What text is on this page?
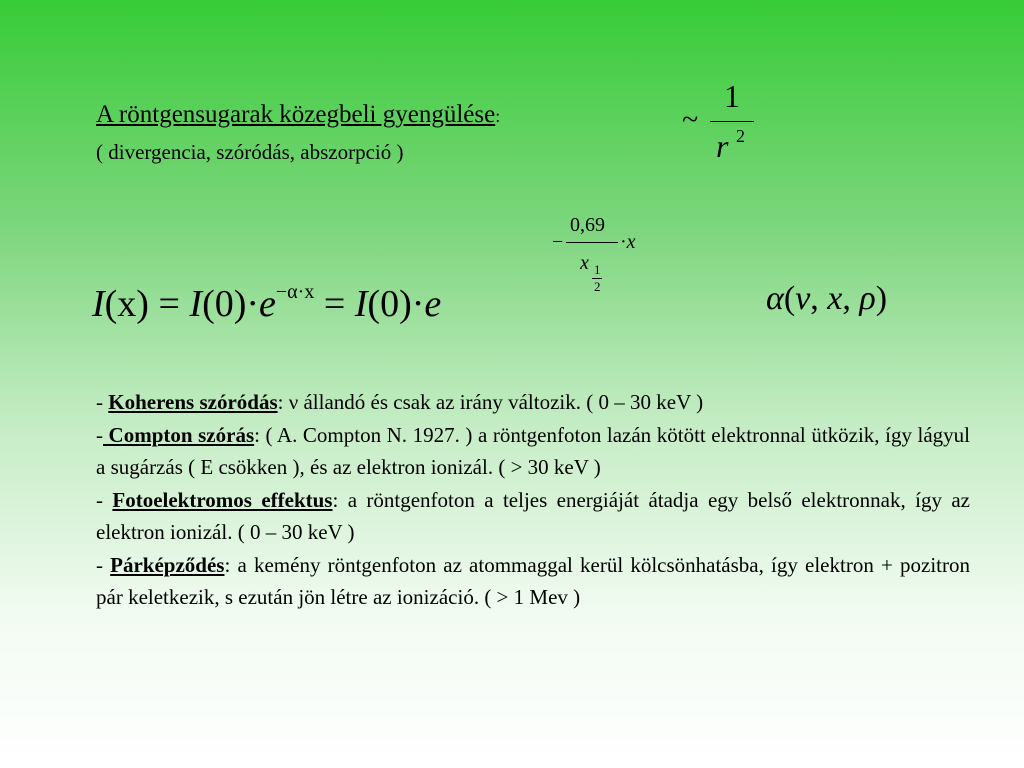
A röntgensugarak közegbeli gyengülése:
( divergencia, szóródás, abszorpció )
~
1
r 2
$I(x) = I(0)\cdot e^{-\alpha\cdot x} = I(0)\cdot e$
−
0,69
·x
x 1
2	α(ν, x, ρ)

- Koherens szóródás: ν állandó és csak az irány változik. ( 0 – 30 keV )

- Compton szórás: ( A. Compton N. 1927. ) a röntgenfoton lazán kötött elektronnal ütközik, így lágyul a sugárzás ( E csökken ), és az elektron ionizál. ( > 30 keV )

- Fotoelektromos effektus: a röntgenfoton a teljes energiáját átadja egy belső elektronnak, így az elektron ionizál. ( 0 – 30 keV )

- Párképződés: a kemény röntgenfoton az atommaggal kerül kölcsönhatásba, így elektron + pozitron pár keletkezik, s ezután jön létre az ionizáció. ( > 1 Mev )
